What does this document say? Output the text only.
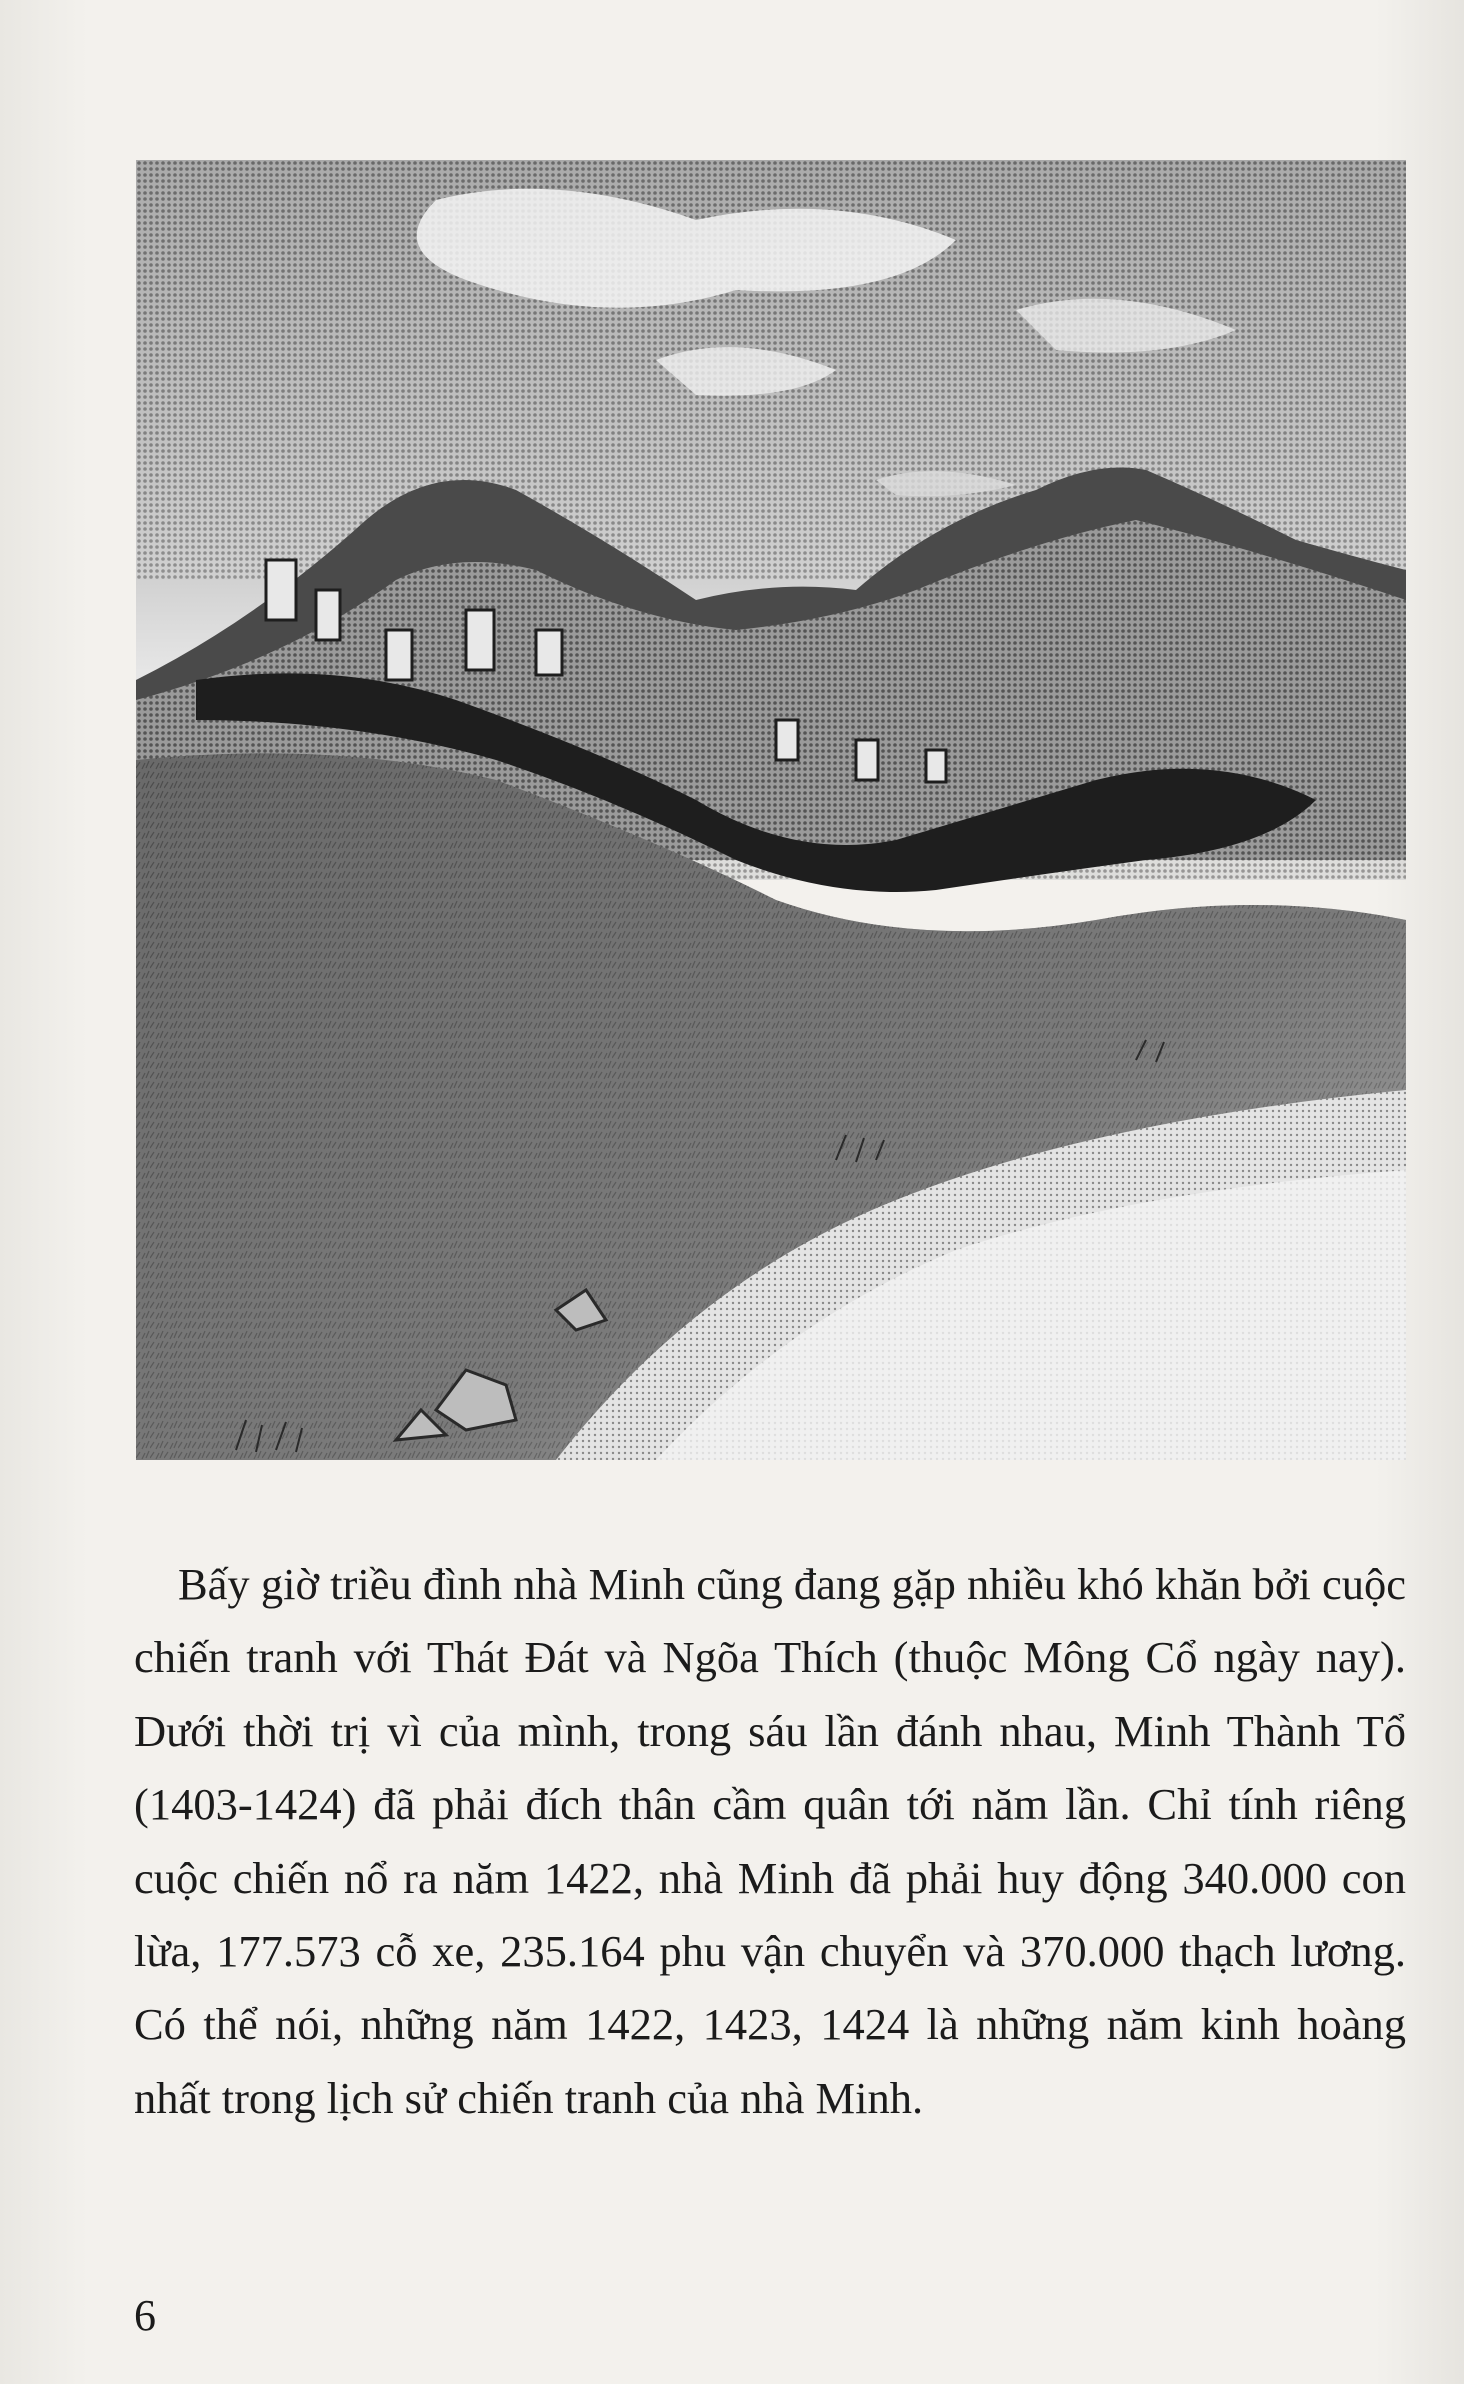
Bấy giờ triều đình nhà Minh cũng đang gặp nhiều khó khăn bởi cuộc chiến tranh với Thát Đát và Ngõa Thích (thuộc Mông Cổ ngày nay). Dưới thời trị vì của mình, trong sáu lần đánh nhau, Minh Thành Tổ (1403-1424) đã phải đích thân cầm quân tới năm lần. Chỉ tính riêng cuộc chiến nổ ra năm 1422, nhà Minh đã phải huy động 340.000 con lừa, 177.573 cỗ xe, 235.164 phu vận chuyển và 370.000 thạch lương. Có thể nói, những năm 1422, 1423, 1424 là những năm kinh hoàng nhất trong lịch sử chiến tranh của nhà Minh.

6
